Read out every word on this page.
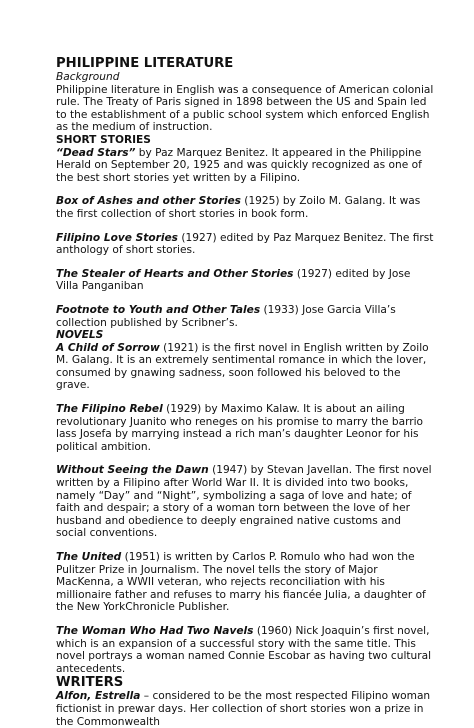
PHILIPPINE LITERATURE

Background

Philippine literature in English was a consequence of American colonial rule. The Treaty of Paris signed in 1898 between the US and Spain led to the establishment of a public school system which enforced English as the medium of instruction.

SHORT STORIES

“Dead Stars” by Paz Marquez Benitez. It appeared in the Philippine Herald on September 20, 1925 and was quickly recognized as one of the best short stories yet written by a Filipino.

Box of Ashes and other Stories (1925) by Zoilo M. Galang. It was the first collection of short stories in book form.

Filipino Love Stories (1927) edited by Paz Marquez Benitez. The first anthology of short stories.

The Stealer of Hearts and Other Stories (1927) edited by Jose Villa Panganiban

Footnote to Youth and Other Tales (1933) Jose Garcia Villa’s collection published by Scribner’s.

NOVELS

A Child of Sorrow (1921) is the first novel in English written by Zoilo M. Galang. It is an extremely sentimental romance in which the lover, consumed by gnawing sadness, soon followed his beloved to the grave.

The Filipino Rebel (1929) by Maximo Kalaw. It is about an ailing revolutionary Juanito who reneges on his promise to marry the barrio lass Josefa by marrying instead a rich man’s daughter Leonor for his political ambition.

Without Seeing the Dawn (1947) by Stevan Javellan. The first novel written by a Filipino after World War II. It is divided into two books, namely “Day” and “Night”, symbolizing a saga of love and hate; of faith and despair; a story of a woman torn between the love of her husband and obedience to deeply engrained native customs and social conventions.

The United (1951) is written by Carlos P. Romulo who had won the Pulitzer Prize in Journalism. The novel tells the story of Major MacKenna, a WWII veteran, who rejects reconciliation with his millionaire father and refuses to marry his fiancée Julia, a daughter of the New YorkChronicle Publisher.

The Woman Who Had Two Navels (1960) Nick Joaquin’s first novel, which is an expansion of a successful story with the same title. This novel portrays a woman named Connie Escobar as having two cultural antecedents.

WRITERS

Alfon, Estrella – considered to be the most respected Filipino woman fictionist in prewar days. Her collection of short stories won a prize in the Commonwealth
